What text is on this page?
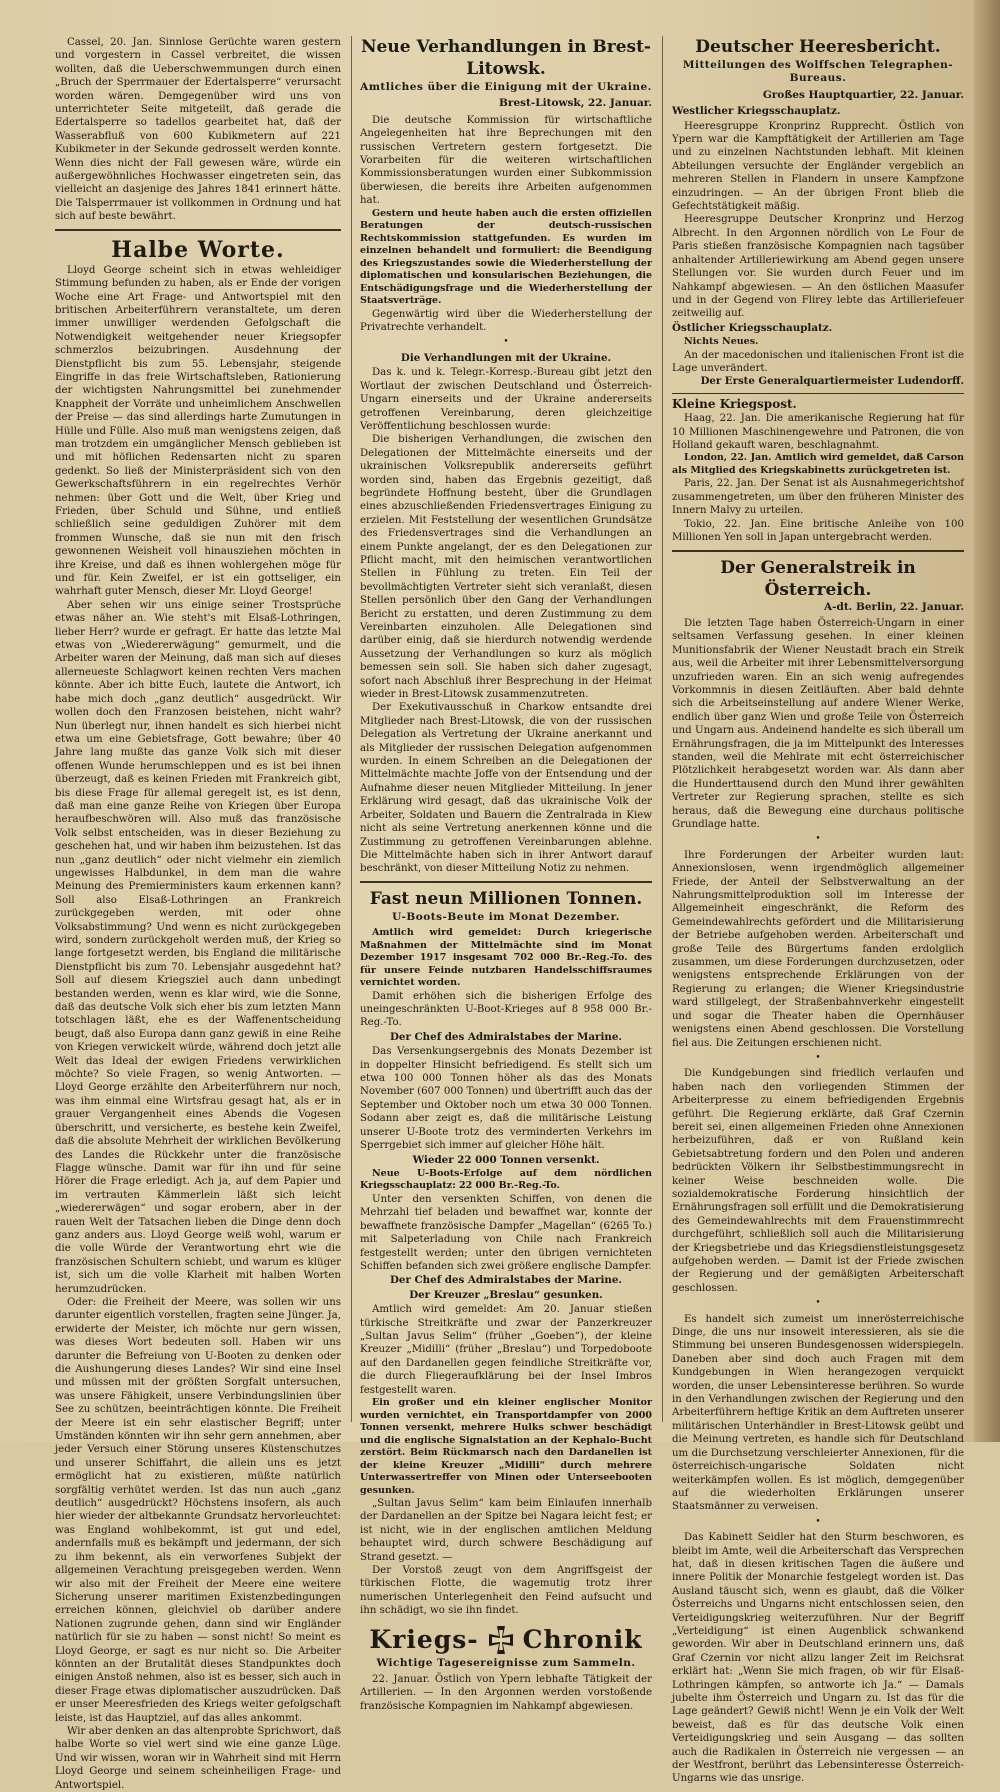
Cassel, 20. Jan. Sinnlose Gerüchte waren gestern und vorgestern in Cassel verbreitet, die wissen wollten, daß die Ueberschwemmungen durch einen „Bruch der Sperrmauer der Edertalsperre“ verursacht worden wären. Demgegenüber wird uns von unterrichteter Seite mitgeteilt, daß gerade die Edertalsperre so tadellos gearbeitet hat, daß der Wasserabfluß von 600 Kubikmetern auf 221 Kubikmeter in der Sekunde gedrosselt werden konnte. Wenn dies nicht der Fall gewesen wäre, würde ein außergewöhnliches Hochwasser eingetreten sein, das vielleicht an dasjenige des Jahres 1841 erinnert hätte. Die Talsperrmauer ist vollkommen in Ordnung und hat sich auf beste bewährt.

Halbe Worte.

Lloyd George scheint sich in etwas wehleidiger Stimmung befunden zu haben, als er Ende der vorigen Woche eine Art Frage- und Antwortspiel mit den britischen Arbeiterführern veranstaltete, um deren immer unwilliger werdenden Gefolgschaft die Notwendigkeit weitgehender neuer Kriegsopfer schmerzlos beizubringen. Ausdehnung der Dienstpflicht bis zum 55. Lebensjahr, steigende Eingriffe in das freie Wirtschaftsleben, Rationierung der wichtigsten Nahrungsmittel bei zunehmender Knappheit der Vorräte und unheimlichem Anschwellen der Preise — das sind allerdings harte Zumutungen in Hülle und Fülle. Also muß man wenigstens zeigen, daß man trotzdem ein umgänglicher Mensch geblieben ist und mit höflichen Redensarten nicht zu sparen gedenkt. So ließ der Ministerpräsident sich von den Gewerkschaftsführern in ein regelrechtes Verhör nehmen: über Gott und die Welt, über Krieg und Frieden, über Schuld und Sühne, und entließ schließlich seine geduldigen Zuhörer mit dem frommen Wunsche, daß sie nun mit den frisch gewonnenen Weisheit voll hinausziehen möchten in ihre Kreise, und daß es ihnen wohlergehen möge für und für. Kein Zweifel, er ist ein gottseliger, ein wahrhaft guter Mensch, dieser Mr. Lloyd George!

Aber sehen wir uns einige seiner Trostsprüche etwas näher an. Wie steht's mit Elsaß-Lothringen, lieber Herr? wurde er gefragt. Er hatte das letzte Mal etwas von „Wiedererwägung“ gemurmelt, und die Arbeiter waren der Meinung, daß man sich auf dieses allerneueste Schlagwort keinen rechten Vers machen könnte. Aber ich bitte Euch, lautete die Antwort, ich habe mich doch „ganz deutlich“ ausgedrückt. Wir wollen doch den Franzosen beistehen, nicht wahr? Nun überlegt nur, ihnen handelt es sich hierbei nicht etwa um eine Gebietsfrage, Gott bewahre; über 40 Jahre lang mußte das ganze Volk sich mit dieser offenen Wunde herumschleppen und es ist bei ihnen überzeugt, daß es keinen Frieden mit Frankreich gibt, bis diese Frage für allemal geregelt ist, es ist denn, daß man eine ganze Reihe von Kriegen über Europa heraufbeschwören will. Also muß das französische Volk selbst entscheiden, was in dieser Beziehung zu geschehen hat, und wir haben ihm beizustehen. Ist das nun „ganz deutlich“ oder nicht vielmehr ein ziemlich ungewisses Halbdunkel, in dem man die wahre Meinung des Premierministers kaum erkennen kann? Soll also Elsaß-Lothringen an Frankreich zurückgegeben werden, mit oder ohne Volksabstimmung? Und wenn es nicht zurückgegeben wird, sondern zurückgeholt werden muß, der Krieg so lange fortgesetzt werden, bis England die militärische Dienstpflicht bis zum 70. Lebensjahr ausgedehnt hat? Soll auf diesem Kriegsziel auch dann unbedingt bestanden werden, wenn es klar wird, wie die Sonne, daß das deutsche Volk sich eher bis zum letzten Mann totschlagen läßt, ehe es der Waffenentscheidung beugt, daß also Europa dann ganz gewiß in eine Reihe von Kriegen verwickelt würde, während doch jetzt alle Welt das Ideal der ewigen Friedens verwirklichen möchte? So viele Fragen, so wenig Antworten. — Lloyd George erzählte den Arbeiterführern nur noch, was ihm einmal eine Wirtsfrau gesagt hat, als er in grauer Vergangenheit eines Abends die Vogesen überschritt, und versicherte, es bestehe kein Zweifel, daß die absolute Mehrheit der wirklichen Bevölkerung des Landes die Rückkehr unter die französische Flagge wünsche. Damit war für ihn und für seine Hörer die Frage erledigt. Ach ja, auf dem Papier und im vertrauten Kämmerlein läßt sich leicht „wiedererwägen“ und sogar erobern, aber in der rauen Welt der Tatsachen lieben die Dinge denn doch ganz anders aus. Lloyd George weiß wohl, warum er die volle Würde der Verantwortung ehrt wie die französischen Schultern schiebt, und warum es klüger ist, sich um die volle Klarheit mit halben Worten herumzudrücken.

Oder: die Freiheit der Meere, was sollen wir uns darunter eigentlich vorstellen, fragten seine Jünger. Ja, erwiderte der Meister, ich möchte nur gern wissen, was dieses Wort bedeuten soll. Haben wir uns darunter die Befreiung von U-Booten zu denken oder die Aushungerung dieses Landes? Wir sind eine Insel und müssen mit der größten Sorgfalt untersuchen, was unsere Fähigkeit, unsere Verbindungslinien über See zu schützen, beeinträchtigen könnte. Die Freiheit der Meere ist ein sehr elastischer Begriff; unter Umständen könnten wir ihn sehr gern annehmen, aber jeder Versuch einer Störung unseres Küstenschutzes und unserer Schiffahrt, die allein uns es jetzt ermöglicht hat zu existieren, müßte natürlich sorgfältig verhütet werden. Ist das nun auch „ganz deutlich“ ausgedrückt? Höchstens insofern, als auch hier wieder der altbekannte Grundsatz hervorleuchtet: was England wohlbekommt, ist gut und edel, andernfalls muß es bekämpft und jedermann, der sich zu ihm bekennt, als ein verworfenes Subjekt der allgemeinen Verachtung preisgegeben werden. Wenn wir also mit der Freiheit der Meere eine weitere Sicherung unserer maritimen Existenzbedingungen erreichen können, gleichviel ob darüber andere Nationen zugrunde gehen, dann sind wir Engländer natürlich für sie zu haben — sonst nicht! So meint es Lloyd George, er sagt es nur nicht so. Die Arbeiter könnten an der Brutalität dieses Standpunktes doch einigen Anstoß nehmen, also ist es besser, sich auch in dieser Frage etwas diplomatischer auszudrücken. Daß er unser Meeresfrieden des Kriegs weiter gefolgschaft leiste, ist das Hauptziel, auf das alles ankommt.

Wir aber denken an das altenprobte Sprichwort, daß halbe Worte so viel wert sind wie eine ganze Lüge. Und wir wissen, woran wir in Wahrheit sind mit Herrn Lloyd George und seinem scheinheiligen Frage- und Antwortspiel.

Neue Verhandlungen in Brest-Litowsk.
Amtliches über die Einigung mit der Ukraine.
Brest-Litowsk, 22. Januar.

Die deutsche Kommission für wirtschaftliche Angelegenheiten hat ihre Beprechungen mit den russischen Vertretern gestern fortgesetzt. Die Vorarbeiten für die weiteren wirtschaftlichen Kommissionsberatungen wurden einer Subkommission überwiesen, die bereits ihre Arbeiten aufgenommen hat.

Gestern und heute haben auch die ersten offiziellen Beratungen der deutsch-russischen Rechtskommission stattgefunden. Es wurden im einzelnen behandelt und formuliert: die Beendigung des Kriegszustandes sowie die Wiederherstellung der diplomatischen und konsularischen Beziehungen, die Entschädigungsfrage und die Wiederherstellung der Staatsverträge.

Gegenwärtig wird über die Wiederherstellung der Privatrechte verhandelt.

•
Die Verhandlungen mit der Ukraine.

Das k. und k. Telegr.-Korresp.-Bureau gibt jetzt den Wortlaut der zwischen Deutschland und Österreich-Ungarn einerseits und der Ukraine andererseits getroffenen Vereinbarung, deren gleichzeitige Veröffentlichung beschlossen wurde:

Die bisherigen Verhandlungen, die zwischen den Delegationen der Mittelmächte einerseits und der ukrainischen Volksrepublik andererseits geführt worden sind, haben das Ergebnis gezeitigt, daß begründete Hoffnung besteht, über die Grundlagen eines abzuschließenden Friedensvertrages Einigung zu erzielen. Mit Feststellung der wesentlichen Grundsätze des Friedensvertrages sind die Verhandlungen an einem Punkte angelangt, der es den Delegationen zur Pflicht macht, mit den heimischen verantwortlichen Stellen in Fühlung zu treten. Ein Teil der bevollmächtigten Vertreter sieht sich veranlaßt, diesen Stellen persönlich über den Gang der Verhandlungen Bericht zu erstatten, und deren Zustimmung zu dem Vereinbarten einzuholen. Alle Delegationen sind darüber einig, daß sie hierdurch notwendig werdende Aussetzung der Verhandlungen so kurz als möglich bemessen sein soll. Sie haben sich daher zugesagt, sofort nach Abschluß ihrer Besprechung in der Heimat wieder in Brest-Litowsk zusammenzutreten.

Der Exekutivausschuß in Charkow entsandte drei Mitglieder nach Brest-Litowsk, die von der russischen Delegation als Vertretung der Ukraine anerkannt und als Mitglieder der russischen Delegation aufgenommen wurden. In einem Schreiben an die Delegationen der Mittelmächte machte Joffe von der Entsendung und der Aufnahme dieser neuen Mitglieder Mitteilung. In jener Erklärung wird gesagt, daß das ukrainische Volk der Arbeiter, Soldaten und Bauern die Zentralrada in Kiew nicht als seine Vertretung anerkennen könne und die Zustimmung zu getroffenen Vereinbarungen ablehne. Die Mittelmächte haben sich in ihrer Antwort darauf beschränkt, von dieser Mitteilung Notiz zu nehmen.

Fast neun Millionen Tonnen.
U-Boots-Beute im Monat Dezember.

Amtlich wird gemeldet: Durch kriegerische Maßnahmen der Mittelmächte sind im Monat Dezember 1917 insgesamt 702 000 Br.-Reg.-To. des für unsere Feinde nutzbaren Handelsschiffsraumes vernichtet worden.

Damit erhöhen sich die bisherigen Erfolge des uneingeschränkten U-Boot-Krieges auf 8 958 000 Br.-Reg.-To.

Der Chef des Admiralstabes der Marine.

Das Versenkungsergebnis des Monats Dezember ist in doppelter Hinsicht befriedigend. Es stellt sich um etwa 100 000 Tonnen höher als das des Monats November (607 000 Tonnen) und übertrifft auch das der September und Oktober noch um etwa 30 000 Tonnen. Sodann aber zeigt es, daß die militärische Leistung unserer U-Boote trotz des verminderten Verkehrs im Sperrgebiet sich immer auf gleicher Höhe hält.

Wieder 22 000 Tonnen versenkt.

Neue U-Boots-Erfolge auf dem nördlichen Kriegsschauplatz: 22 000 Br.-Reg.-To.

Unter den versenkten Schiffen, von denen die Mehrzahl tief beladen und bewaffnet war, konnte der bewaffnete französische Dampfer „Magellan“ (6265 To.) mit Salpeterladung von Chile nach Frankreich festgestellt werden; unter den übrigen vernichteten Schiffen befanden sich zwei größere englische Dampfer.

Der Chef des Admiralstabes der Marine.
Der Kreuzer „Breslau“ gesunken.

Amtlich wird gemeldet: Am 20. Januar stießen türkische Streitkräfte und zwar der Panzerkreuzer „Sultan Javus Selim“ (früher „Goeben“), der kleine Kreuzer „Midilli“ (früher „Breslau“) und Torpedoboote auf den Dardanellen gegen feindliche Streitkräfte vor, die durch Fliegeraufklärung bei der Insel Imbros festgestellt waren.

Ein großer und ein kleiner englischer Monitor wurden vernichtet, ein Transportdampfer von 2000 Tonnen versenkt, mehrere Hulks schwer beschädigt und die englische Signalstation an der Kephalo-Bucht zerstört. Beim Rückmarsch nach den Dardanellen ist der kleine Kreuzer „Midilli“ durch mehrere Unterwassertreffer von Minen oder Unterseebooten gesunken.

„Sultan Javus Selim“ kam beim Einlaufen innerhalb der Dardanellen an der Spitze bei Nagara leicht fest; er ist nicht, wie in der englischen amtlichen Meldung behauptet wird, durch schwere Beschädigung auf Strand gesetzt. —

Der Vorstoß zeugt von dem Angriffsgeist der türkischen Flotte, die wagemutig trotz ihrer numerischen Unterlegenheit den Feind aufsucht und ihn schädigt, wo sie ihn findet.

Kriegs- Chronik
Wichtige Tagesereignisse zum Sammeln.

22. Januar. Östlich von Ypern lebhafte Tätigkeit der Artillerien. — In den Argonnen werden vorstoßende französische Kompagnien im Nahkampf abgewiesen.

Deutscher Heeresbericht.
Mitteilungen des Wolffschen Telegraphen-Bureaus.
Großes Hauptquartier, 22. Januar.
Westlicher Kriegsschauplatz.

Heeresgruppe Kronprinz Rupprecht. Östlich von Ypern war die Kampftätigkeit der Artillerien am Tage und zu einzelnen Nachtstunden lebhaft. Mit kleinen Abteilungen versuchte der Engländer vergeblich an mehreren Stellen in Flandern in unsere Kampfzone einzudringen. — An der übrigen Front blieb die Gefechtstätigkeit mäßig.

Heeresgruppe Deutscher Kronprinz und Herzog Albrecht. In den Argonnen nördlich von Le Four de Paris stießen französische Kompagnien nach tagsüber anhaltender Artilleriewirkung am Abend gegen unsere Stellungen vor. Sie wurden durch Feuer und im Nahkampf abgewiesen. — An den östlichen Maasufer und in der Gegend von Flirey lebte das Artilleriefeuer zeitweilig auf.

Östlicher Kriegsschauplatz.

Nichts Neues.

An der macedonischen und italienischen Front ist die Lage unverändert.

Der Erste Generalquartiermeister Ludendorff.
Kleine Kriegspost.

Haag, 22. Jan. Die amerikanische Regierung hat für 10 Millionen Maschinengewehre und Patronen, die von Holland gekauft waren, beschlagnahmt.

London, 22. Jan. Amtlich wird gemeldet, daß Carson als Mitglied des Kriegskabinetts zurückgetreten ist.

Paris, 22. Jan. Der Senat ist als Ausnahmegerichtshof zusammengetreten, um über den früheren Minister des Innern Malvy zu urteilen.

Tokio, 22. Jan. Eine britische Anleihe von 100 Millionen Yen soll in Japan untergebracht werden.

Der Generalstreik in Österreich.
A-dt. Berlin, 22. Januar.

Die letzten Tage haben Österreich-Ungarn in einer seltsamen Verfassung gesehen. In einer kleinen Munitionsfabrik der Wiener Neustadt brach ein Streik aus, weil die Arbeiter mit ihrer Lebensmittelversorgung unzufrieden waren. Ein an sich wenig aufregendes Vorkommnis in diesen Zeitläuften. Aber bald dehnte sich die Arbeitseinstellung auf andere Wiener Werke, endlich über ganz Wien und große Teile von Österreich und Ungarn aus. Andeinend handelte es sich überall um Ernährungsfragen, die ja im Mittelpunkt des Interesses standen, weil die Mehlrate mit echt österreichischer Plötzlichkeit herabgesetzt worden war. Als dann aber die Hunderttausend durch den Mund ihrer gewählten Vertreter zur Regierung sprachen, stellte es sich heraus, daß die Bewegung eine durchaus politische Grundlage hatte.

•

Ihre Forderungen der Arbeiter wurden laut: Annexionslosen, wenn irgendmöglich allgemeiner Friede, der Anteil der Selbstverwaltung an der Nahrungsmittelproduktion soll im Interesse der Allgemeinheit eingeschränkt, die Reform des Gemeindewahlrechts gefördert und die Militarisierung der Betriebe aufgehoben werden. Arbeiterschaft und große Teile des Bürgertums fanden erdolglich zusammen, um diese Forderungen durchzusetzen, oder wenigstens entsprechende Erklärungen von der Regierung zu erlangen; die Wiener Kriegsindustrie ward stillgelegt, der Straßenbahnverkehr eingestellt und sogar die Theater haben die Opernhäuser wenigstens einen Abend geschlossen. Die Vorstellung fiel aus. Die Zeitungen erschienen nicht.

•

Die Kundgebungen sind friedlich verlaufen und haben nach den vorliegenden Stimmen der Arbeiterpresse zu einem befriedigenden Ergebnis geführt. Die Regierung erklärte, daß Graf Czernin bereit sei, einen allgemeinen Frieden ohne Annexionen herbeizuführen, daß er von Rußland kein Gebietsabtretung fordern und den Polen und anderen bedrückten Völkern ihr Selbstbestimmungsrecht in keiner Weise beschneiden wolle. Die sozialdemokratische Forderung hinsichtlich der Ernährungsfragen soll erfüllt und die Demokratisierung des Gemeindewahlrechts mit dem Frauenstimmrecht durchgeführt, schließlich soll auch die Militarisierung der Kriegsbetriebe und das Kriegsdienstleistungsgesetz aufgehoben werden. — Damit ist der Friede zwischen der Regierung und der gemäßigten Arbeiterschaft geschlossen.

•

Es handelt sich zumeist um innerösterreichische Dinge, die uns nur insoweit interessieren, als sie die Stimmung bei unseren Bundesgenossen widerspiegeln. Daneben aber sind doch auch Fragen mit dem Kundgebungen in Wien herangezogen verquickt worden, die unser Lebensinteresse berühren. So wurde in den Verhandlungen zwischen der Regierung und den Arbeiterführern heftige Kritik an dem Auftreten unserer militärischen Unterhändler in Brest-Litowsk geübt und die Meinung vertreten, es handle sich für Deutschland um die Durchsetzung verschleierter Annexionen, für die österreichisch-ungarische Soldaten nicht weiterkämpfen wollen. Es ist möglich, demgegenüber auf die wiederholten Erklärungen unserer Staatsmänner zu verweisen.

•

Das Kabinett Seidler hat den Sturm beschworen, es bleibt im Amte, weil die Arbeiterschaft das Versprechen hat, daß in diesen kritischen Tagen die äußere und innere Politik der Monarchie festgelegt worden ist. Das Ausland täuscht sich, wenn es glaubt, daß die Völker Österreichs und Ungarns nicht entschlossen seien, den Verteidigungskrieg weiterzuführen. Nur der Begriff „Verteidigung“ ist einen Augenblick schwankend geworden. Wir aber in Deutschland erinnern uns, daß Graf Czernin vor nicht allzu langer Zeit im Reichsrat erklärt hat: „Wenn Sie mich fragen, ob wir für Elsaß-Lothringen kämpfen, so antworte ich Ja.“ — Damals jubelte ihm Österreich und Ungarn zu. Ist das für die Lage geändert? Gewiß nicht! Wenn je ein Volk der Welt beweist, daß es für das deutsche Volk einen Verteidigungskrieg und sein Ausgang — das sollten auch die Radikalen in Österreich nie vergessen — an der Westfront, berührt das Lebensinteresse Österreich-Ungarns wie das unsrige.
